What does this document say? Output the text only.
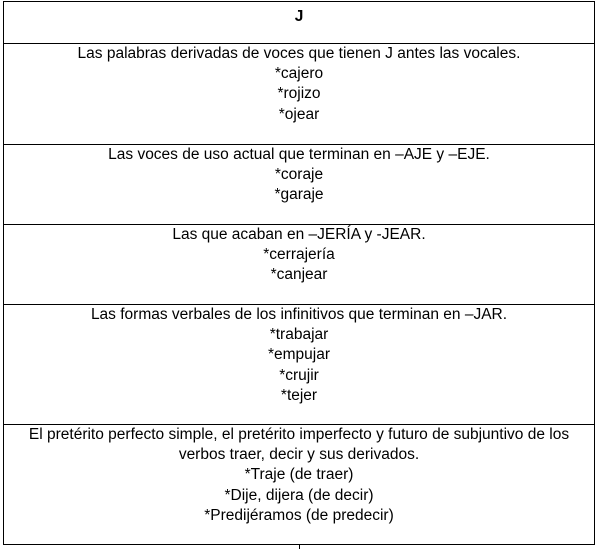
J

Las palabras derivadas de voces que tienen J antes las vocales.
*cajero
*rojizo
*ojear

Las voces de uso actual que terminan en –AJE y –EJE.
*coraje
*garaje

Las que acaban en –JERÍA y -JEAR.
*cerrajería
*canjear

Las formas verbales de los infinitivos que terminan en –JAR.
*trabajar
*empujar
*crujir
*tejer

El pretérito perfecto simple, el pretérito imperfecto y futuro de subjuntivo de los
verbos traer, decir y sus derivados.
*Traje (de traer)
*Dije, dijera (de decir)
*Predijéramos (de predecir)
